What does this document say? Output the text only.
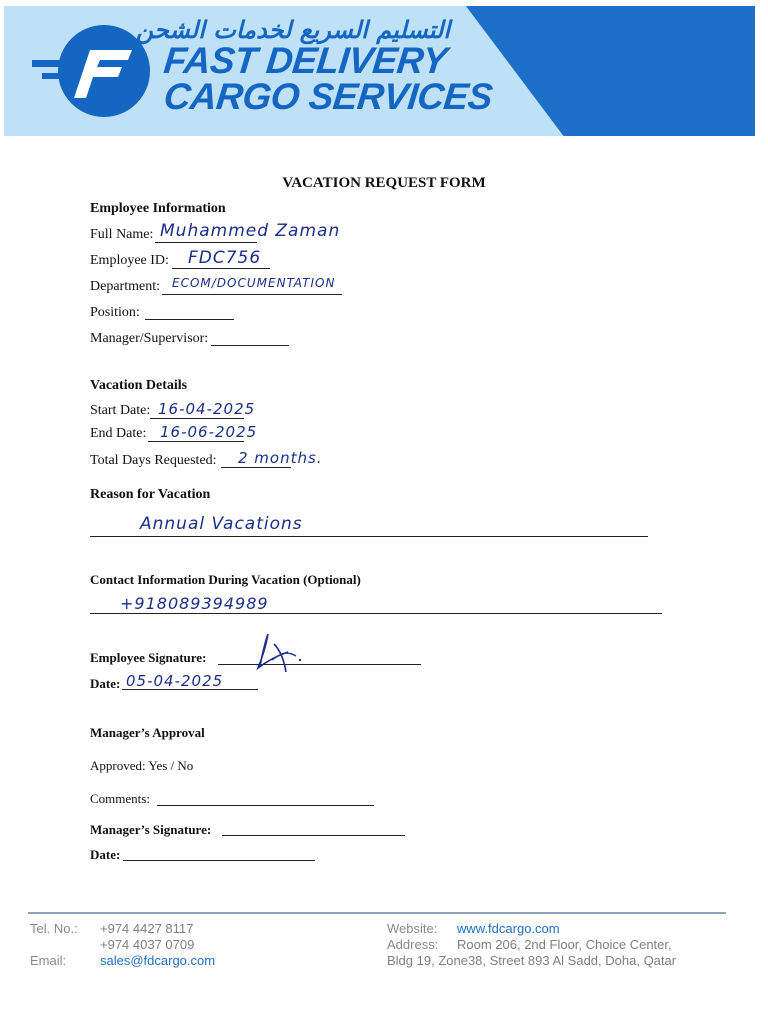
التسليم السريع لخدمات الشحن
FAST DELIVERY
CARGO SERVICES
VACATION REQUEST FORM
Employee Information
Full Name: Muhammed Zaman
Employee ID: FDC756
Department: ECOM/DOCUMENTATION
Position:
Manager/Supervisor:
Vacation Details
Start Date: 16-04-2025
End Date: 16-06-2025
Total Days Requested: 2 months.
Reason for Vacation
Annual Vacations
Contact Information During Vacation (Optional)
+918089394989
Employee Signature:
Date: 05-04-2025
Manager’s Approval
Approved: Yes / No
Comments:
Manager’s Signature:
Date:
Tel. No.: +974 4427 8117
+974 4037 0709
Email:	sales@fdcargo.com
Website: www.fdcargo.com
Address: Room 206, 2nd Floor, Choice Center,
Bldg 19, Zone38, Street 893 Al Sadd, Doha, Qatar
